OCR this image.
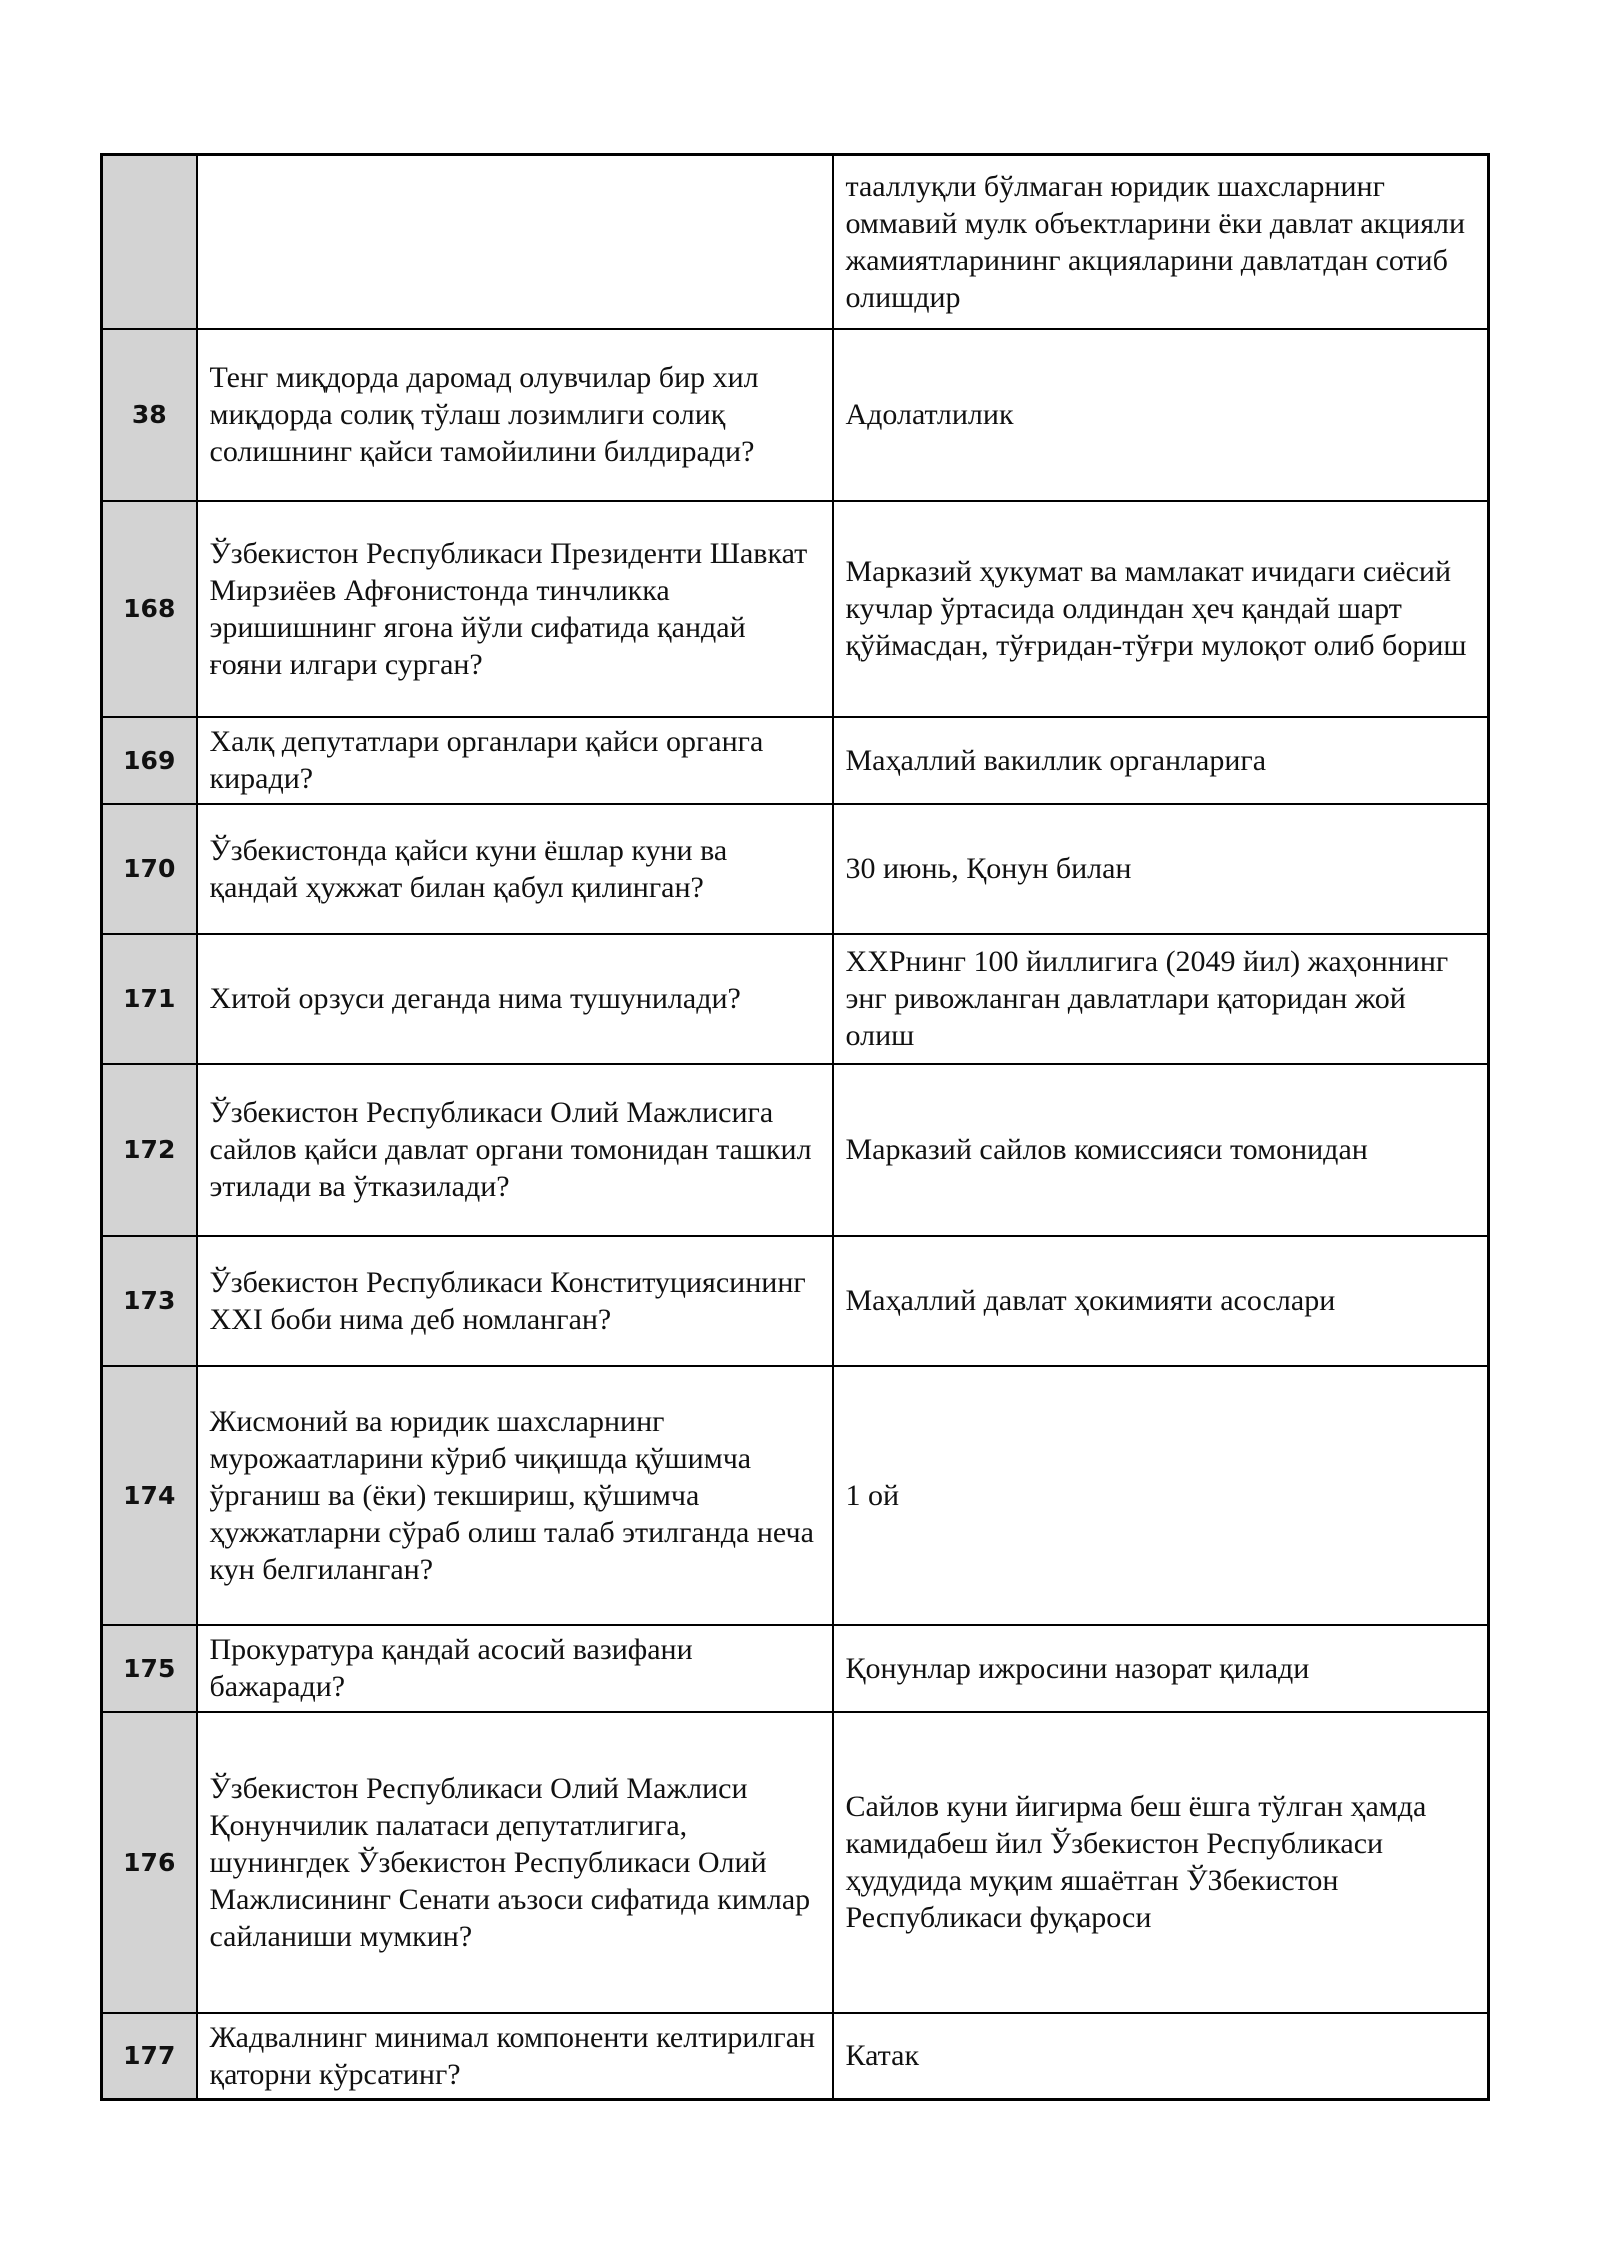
		тааллуқли бўлмаган юридик шахсларнинг оммавий мулк объектларини ёки давлат акцияли жамиятларининг акцияларини давлатдан сотиб олишдир
38	Тенг миқдорда даромад олувчилар бир хил миқдорда солиқ тўлаш лозимлиги солиқ солишнинг қайси тамойилини билдиради?	Адолатлилик
168	Ўзбекистон Республикаси Президенти Шавкат Мирзиёев Афғонистонда тинчликка эришишнинг ягона йўли сифатида қандай ғояни илгари сурган?	Марказий ҳукумат ва мамлакат ичидаги сиёсий кучлар ўртасида олдиндан ҳеч қандай шарт қўймасдан, тўғридан-тўғри мулоқот олиб бориш
169	Халқ депутатлари органлари қайси органга киради?	Маҳаллий вакиллик органларига
170	Ўзбекистонда қайси куни ёшлар куни ва қандай ҳужжат билан қабул қилинган?	30 июнь, Қонун билан
171	Хитой орзуси деганда нима тушунилади?	ХХРнинг 100 йиллигига (2049 йил) жаҳоннинг энг ривожланган давлатлари қаторидан жой олиш
172	Ўзбекистон Республикаси Олий Мажлисига сайлов қайси давлат органи томонидан ташкил этилади ва ўтказилади?	Марказий сайлов комиссияси томонидан
173	Ўзбекистон Республикаси Конституциясининг XXI боби нима деб номланган?	Маҳаллий давлат ҳокимияти асослари
174	Жисмоний ва юридик шахсларнинг мурожаатларини кўриб чиқишда қўшимча ўрганиш ва (ёки) текшириш, қўшимча ҳужжатларни сўраб олиш талаб этилганда неча кун белгиланган?	1 ой
175	Прокуратура қандай асосий вазифани бажаради?	Қонунлар ижросини назорат қилади
176	Ўзбекистон Республикаси Олий Мажлиси Қонунчилик палатаси депутатлигига, шунингдек Ўзбекистон Республикаси Олий Мажлисининг Сенати аъзоси сифатида кимлар сайланиши мумкин?	Сайлов куни йигирма беш ёшга тўлган ҳамда камидабеш йил Ўзбекистон Республикаси ҳудудида муқим яшаётган ЎЗбекистон Республикаси фуқароси
177	Жадвалнинг минимал компоненти келтирилган қаторни кўрсатинг?	Катак
